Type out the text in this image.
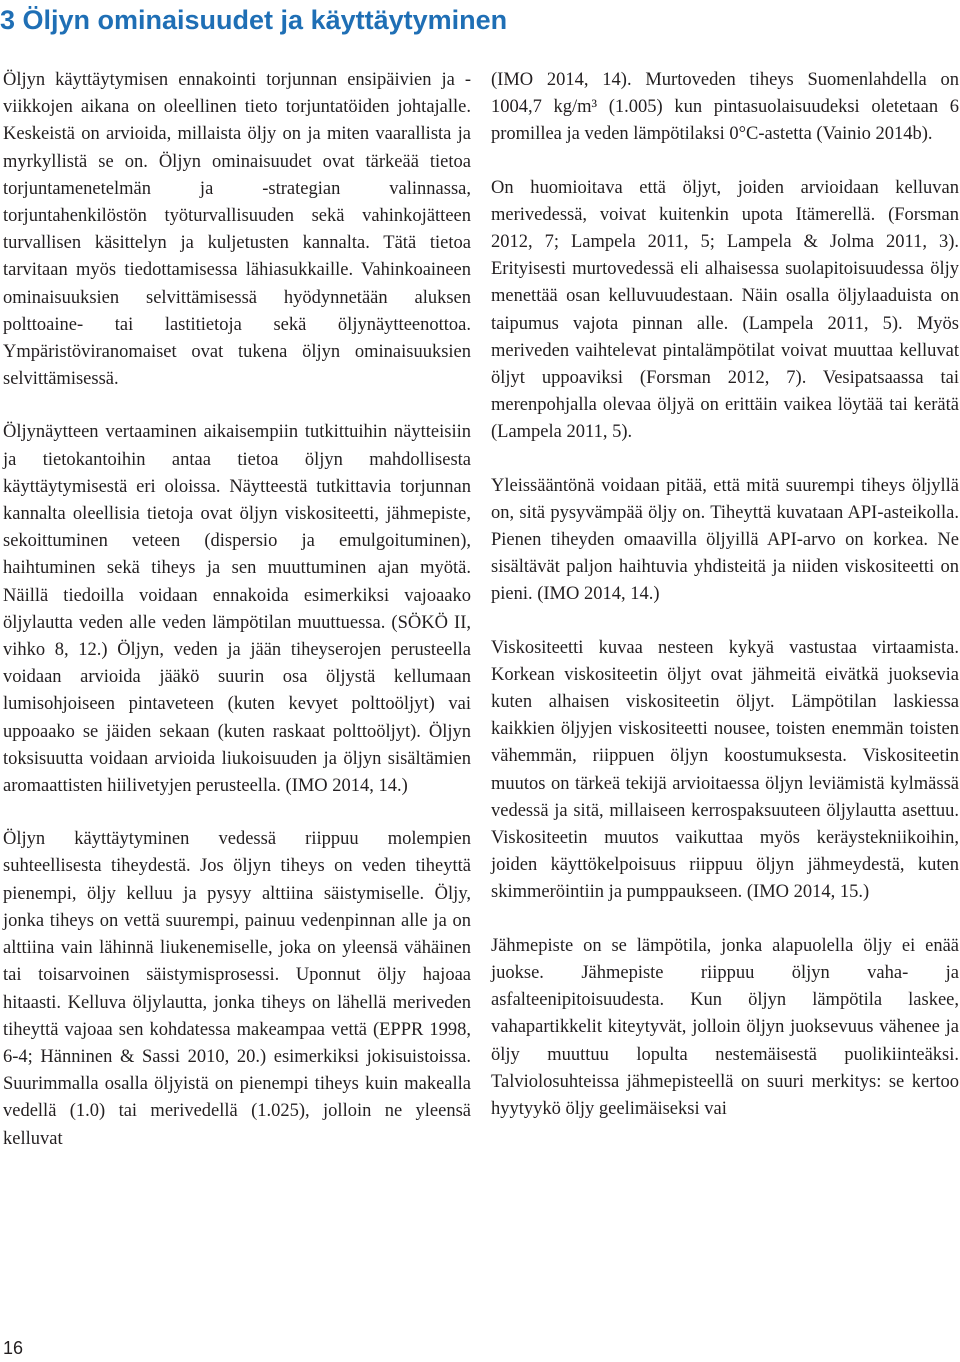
3 Öljyn ominaisuudet ja käyttäytyminen

Öljyn käyttäytymisen ennakointi torjunnan ensipäivien ja -viikkojen aikana on oleellinen tieto torjuntatöiden johtajalle. Keskeistä on arvioida, millaista öljy on ja miten vaarallista ja myrkyllistä se on. Öljyn ominaisuudet ovat tärkeää tietoa torjuntamenetelmän ja -strategian valinnassa, torjuntahenkilöstön työturvallisuuden sekä vahinkojätteen turvallisen käsittelyn ja kuljetusten kannalta. Tätä tietoa tarvitaan myös tiedottamisessa lähiasukkaille. Vahinkoaineen ominaisuuksien selvittämisessä hyödynnetään aluksen polttoaine- tai lastitietoja sekä öljynäytteenottoa. Ympäristöviranomaiset ovat tukena öljyn ominaisuuksien selvittämisessä.

Öljynäytteen vertaaminen aikaisempiin tutkittuihin näytteisiin ja tietokantoihin antaa tietoa öljyn mahdollisesta käyttäytymisestä eri oloissa. Näytteestä tutkittavia torjunnan kannalta oleellisia tietoja ovat öljyn viskositeetti, jähmepiste, sekoittuminen veteen (dispersio ja emulgoituminen), haihtuminen sekä tiheys ja sen muuttuminen ajan myötä. Näillä tiedoilla voidaan ennakoida esimerkiksi vajoaako öljylautta veden alle veden lämpötilan muuttuessa. (SÖKÖ II, vihko 8, 12.) Öljyn, veden ja jään tiheyserojen perusteella voidaan arvioida jääkö suurin osa öljystä kellumaan lumisohjoiseen pintaveteen (kuten kevyet polttoöljyt) vai uppoaako se jäiden sekaan (kuten raskaat polttoöljyt). Öljyn toksisuutta voidaan arvioida liukoisuuden ja öljyn sisältämien aromaattisten hiilivetyjen perusteella. (IMO 2014, 14.)

Öljyn käyttäytyminen vedessä riippuu molempien suhteellisesta tiheydestä. Jos öljyn tiheys on veden tiheyttä pienempi, öljy kelluu ja pysyy alttiina säistymiselle. Öljy, jonka tiheys on vettä suurempi, painuu vedenpinnan alle ja on alttiina vain lähinnä liukenemiselle, joka on yleensä vähäinen tai toisarvoinen säistymisprosessi. Uponnut öljy hajoaa hitaasti. Kelluva öljylautta, jonka tiheys on lähellä meriveden tiheyttä vajoaa sen kohdatessa makeampaa vettä (EPPR 1998, 6-4; Hänninen & Sassi 2010, 20.) esimerkiksi jokisuistoissa. Suurimmalla osalla öljyistä on pienempi tiheys kuin makealla vedellä (1.0) tai merivedellä (1.025), jolloin ne yleensä kelluvat

(IMO 2014, 14). Murtoveden tiheys Suomenlahdella on 1004,7 kg/m³ (1.005) kun pintasuolaisuudeksi oletetaan 6 promillea ja veden lämpötilaksi 0°C-astetta (Vainio 2014b).

On huomioitava että öljyt, joiden arvioidaan kelluvan merivedessä, voivat kuitenkin upota Itämerellä. (Forsman 2012, 7; Lampela 2011, 5; Lampela & Jolma 2011, 3). Erityisesti murtovedessä eli alhaisessa suolapitoisuudessa öljy menettää osan kelluvuudestaan. Näin osalla öljylaaduista on taipumus vajota pinnan alle. (Lampela 2011, 5). Myös meriveden vaihtelevat pintalämpötilat voivat muuttaa kelluvat öljyt uppoaviksi (Forsman 2012, 7). Vesipatsaassa tai merenpohjalla olevaa öljyä on erittäin vaikea löytää tai kerätä (Lampela 2011, 5).

Yleissääntönä voidaan pitää, että mitä suurempi tiheys öljyllä on, sitä pysyvämpää öljy on. Tiheyttä kuvataan API-asteikolla. Pienen tiheyden omaavilla öljyillä API-arvo on korkea. Ne sisältävät paljon haihtuvia yhdisteitä ja niiden viskositeetti on pieni. (IMO 2014, 14.)

Viskositeetti kuvaa nesteen kykyä vastustaa virtaamista. Korkean viskositeetin öljyt ovat jähmeitä eivätkä juoksevia kuten alhaisen viskositeetin öljyt. Lämpötilan laskiessa kaikkien öljyjen viskositeetti nousee, toisten enemmän toisten vähemmän, riippuen öljyn koostumuksesta. Viskositeetin muutos on tärkeä tekijä arvioitaessa öljyn leviämistä kylmässä vedessä ja sitä, millaiseen kerrospaksuuteen öljylautta asettuu. Viskositeetin muutos vaikuttaa myös keräystekniikoihin, joiden käyttökelpoisuus riippuu öljyn jähmeydestä, kuten skimmeröintiin ja pumppaukseen. (IMO 2014, 15.)

Jähmepiste on se lämpötila, jonka alapuolella öljy ei enää juokse. Jähmepiste riippuu öljyn vaha- ja asfalteenipitoisuudesta. Kun öljyn lämpötila laskee, vahapartikkelit kiteytyvät, jolloin öljyn juoksevuus vähenee ja öljy muuttuu lopulta nestemäisestä puolikiinteäksi. Talviolosuhteissa jähmepisteellä on suuri merkitys: se kertoo hyytyykö öljy geelimäiseksi vai

16
